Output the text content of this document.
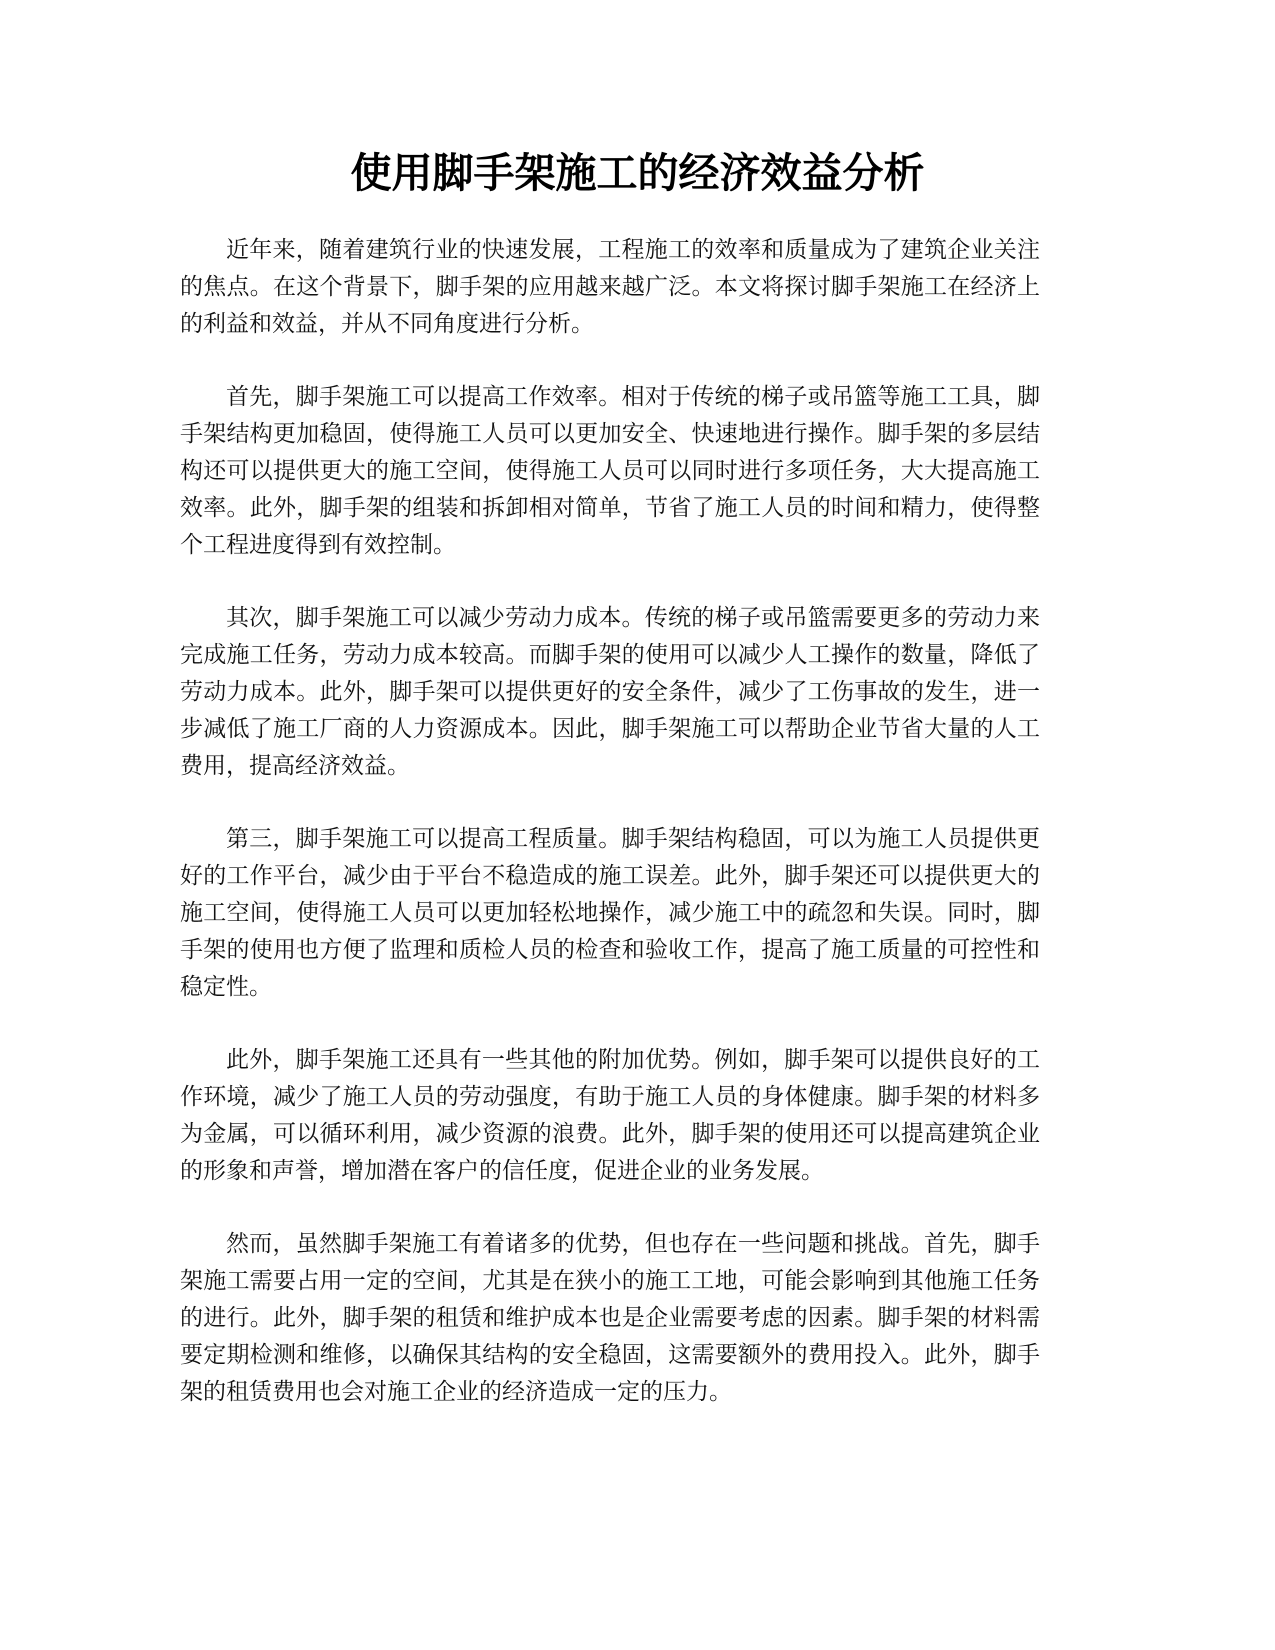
使用脚手架施工的经济效益分析

近年来，随着建筑行业的快速发展，工程施工的效率和质量成为了建筑企业关注的焦点。在这个背景下，脚手架的应用越来越广泛。本文将探讨脚手架施工在经济上的利益和效益，并从不同角度进行分析。

首先，脚手架施工可以提高工作效率。相对于传统的梯子或吊篮等施工工具，脚手架结构更加稳固，使得施工人员可以更加安全、快速地进行操作。脚手架的多层结构还可以提供更大的施工空间，使得施工人员可以同时进行多项任务，大大提高施工效率。此外，脚手架的组装和拆卸相对简单，节省了施工人员的时间和精力，使得整个工程进度得到有效控制。

其次，脚手架施工可以减少劳动力成本。传统的梯子或吊篮需要更多的劳动力来完成施工任务，劳动力成本较高。而脚手架的使用可以减少人工操作的数量，降低了劳动力成本。此外，脚手架可以提供更好的安全条件，减少了工伤事故的发生，进一步减低了施工厂商的人力资源成本。因此，脚手架施工可以帮助企业节省大量的人工费用，提高经济效益。

第三，脚手架施工可以提高工程质量。脚手架结构稳固，可以为施工人员提供更好的工作平台，减少由于平台不稳造成的施工误差。此外，脚手架还可以提供更大的施工空间，使得施工人员可以更加轻松地操作，减少施工中的疏忽和失误。同时，脚手架的使用也方便了监理和质检人员的检查和验收工作，提高了施工质量的可控性和稳定性。

此外，脚手架施工还具有一些其他的附加优势。例如，脚手架可以提供良好的工作环境，减少了施工人员的劳动强度，有助于施工人员的身体健康。脚手架的材料多为金属，可以循环利用，减少资源的浪费。此外，脚手架的使用还可以提高建筑企业的形象和声誉，增加潜在客户的信任度，促进企业的业务发展。

然而，虽然脚手架施工有着诸多的优势，但也存在一些问题和挑战。首先，脚手架施工需要占用一定的空间，尤其是在狭小的施工工地，可能会影响到其他施工任务的进行。此外，脚手架的租赁和维护成本也是企业需要考虑的因素。脚手架的材料需要定期检测和维修，以确保其结构的安全稳固，这需要额外的费用投入。此外，脚手架的租赁费用也会对施工企业的经济造成一定的压力。
